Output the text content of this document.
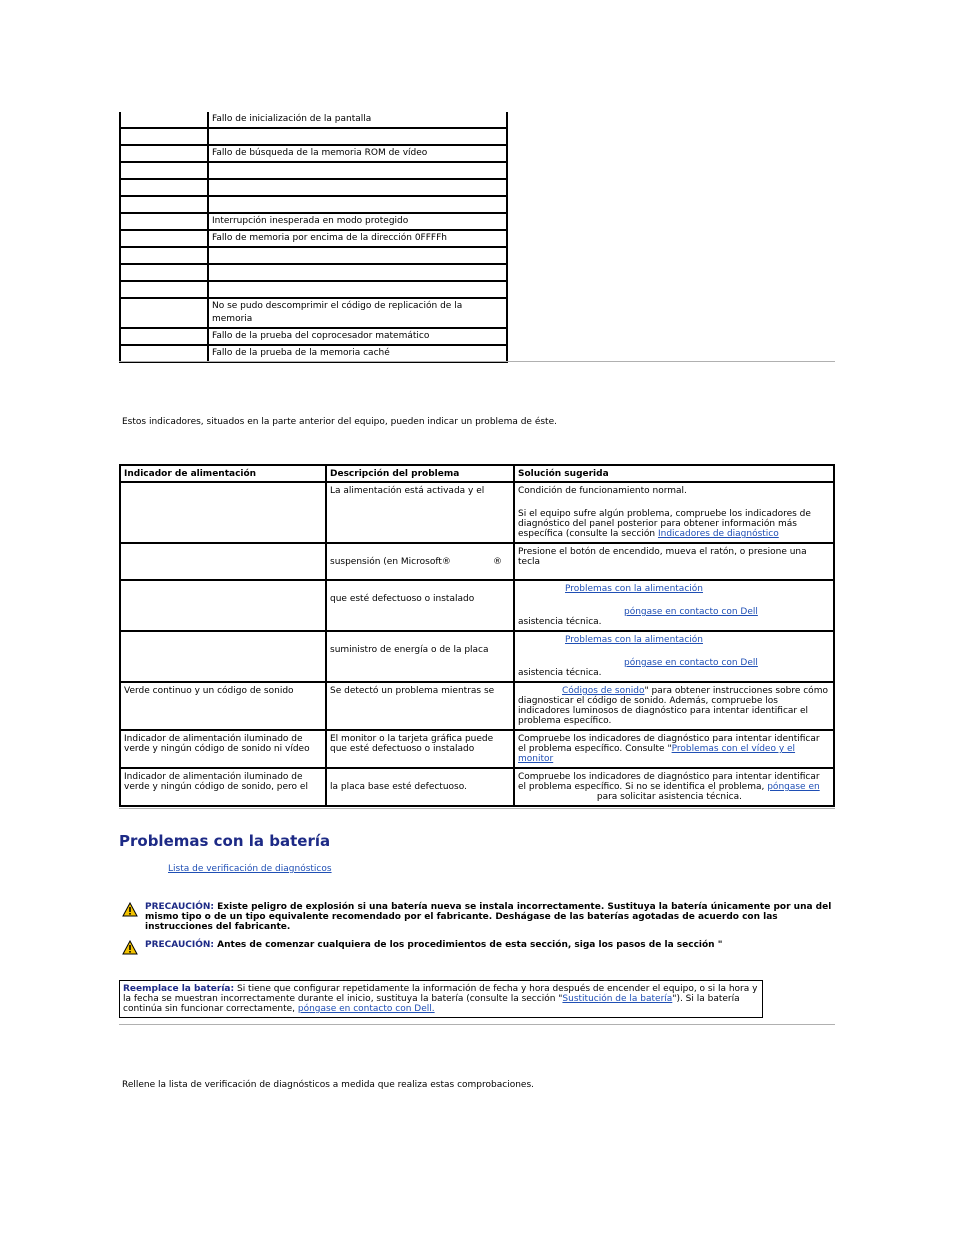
	Fallo de inicialización de la pantalla

	Fallo de búsqueda de la memoria ROM de vídeo

	Interrupción inesperada en modo protegido
	Fallo de memoria por encima de la dirección 0FFFFh

	No se pudo descomprimir el código de replicación de la memoria
	Fallo de la prueba del coprocesador matemático
	Fallo de la prueba de la memoria caché
Estos indicadores, situados en la parte anterior del equipo, pueden indicar un problema de éste.
Indicador de alimentación	Descripción del problema	Solución sugerida
	La alimentación está activada y el	Condición de funcionamiento normal.
Si el equipo sufre algún problema, compruebe los indicadores de diagnóstico del panel posterior para obtener información más específica (consulte la sección Indicadores de diagnóstico

	suspensión (en Microsoft® ®	Presione el botón de encendido, mueva el ratón, o presione una tecla

	que esté defectuoso o instalado	Problemas con la alimentación
póngase en contacto con Dell
asistencia técnica.

	suministro de energía o de la placa	Problemas con la alimentación
póngase en contacto con Dell
asistencia técnica.

Verde continuo y un código de sonido	Se detectó un problema mientras se	Códigos de sonido" para obtener instrucciones sobre cómo diagnosticar el código de sonido. Además, compruebe los indicadores luminosos de diagnóstico para intentar identificar el problema específico.
Indicador de alimentación iluminado de verde y ningún código de sonido ni vídeo	El monitor o la tarjeta gráfica puede que esté defectuoso o instalado	Compruebe los indicadores de diagnóstico para intentar identificar el problema específico. Consulte "Problemas con el vídeo y el monitor
Indicador de alimentación iluminado de verde y ningún código de sonido, pero el	la placa base esté defectuoso.	Compruebe los indicadores de diagnóstico para intentar identificar el problema específico. Si no se identifica el problema, póngase en
para solicitar asistencia técnica.
Problemas con la batería
Lista de verificación de diagnósticos
PRECAUCIÓN: Existe peligro de explosión si una batería nueva se instala incorrectamente. Sustituya la batería únicamente por una del mismo tipo o de un tipo equivalente recomendado por el fabricante. Deshágase de las baterías agotadas de acuerdo con las instrucciones del fabricante.
PRECAUCIÓN: Antes de comenzar cualquiera de los procedimientos de esta sección, siga los pasos de la sección "
Reemplace la batería: Si tiene que configurar repetidamente la información de fecha y hora después de encender el equipo, o si la hora y la fecha se muestran incorrectamente durante el inicio, sustituya la batería (consulte la sección "Sustitución de la batería"). Si la batería continúa sin funcionar correctamente, póngase en contacto con Dell.
Rellene la lista de verificación de diagnósticos a medida que realiza estas comprobaciones.
